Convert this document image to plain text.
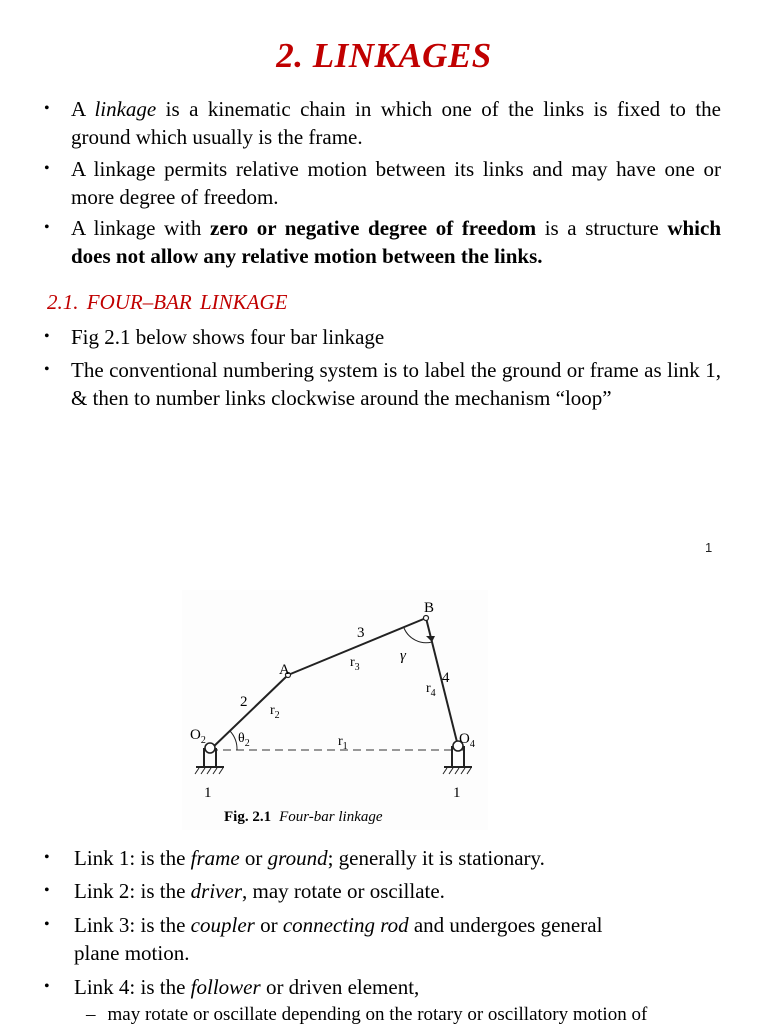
2. LINKAGES
• A linkage is a kinematic chain in which one of the links is fixed to the ground which usually is the frame.
• A linkage permits relative motion between its links and may have one or more degree of freedom.
• A linkage with zero or negative degree of freedom is a structure which does not allow any relative motion between the links.
2.1. FOUR–BAR LINKAGE
• Fig 2.1 below shows four bar linkage
• The conventional numbering system is to label the ground or frame as link 1, & then to number links clockwise around the mechanism “loop”
1
A
B
$O_2$	$O_4$
2
3
4
$r_2$
$r_3$
$r_4$
$r_1$
$\theta_2$
γ
1	1
Fig. 2.1 Four-bar linkage
• Link 1: is the frame or ground; generally it is stationary.
• Link 2: is the driver, may rotate or oscillate.
• Link 3: is the coupler or connecting rod and undergoes general plane motion.
• Link 4: is the follower or driven element,
– may rotate or oscillate depending on the rotary or oscillatory motion of
